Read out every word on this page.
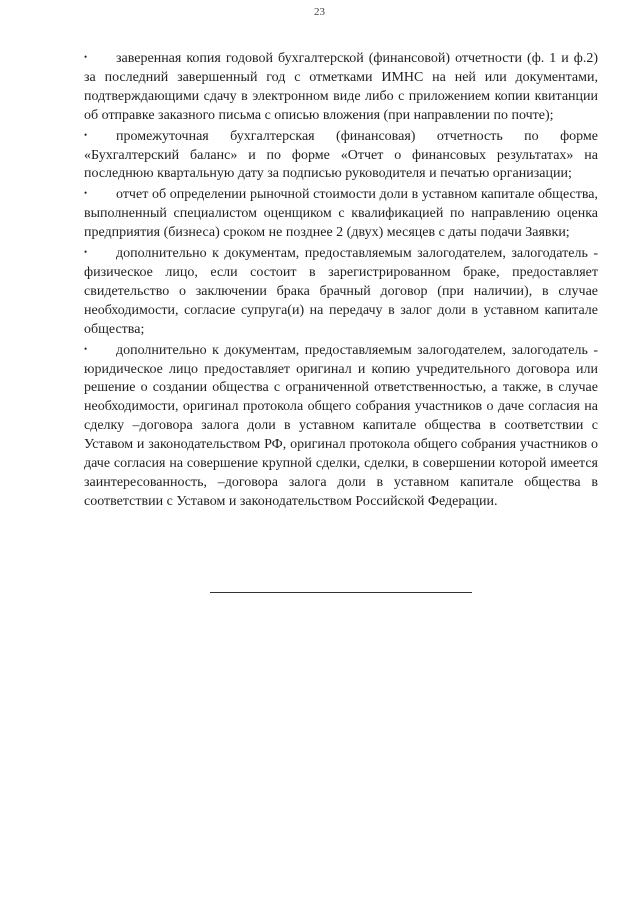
23

• заверенная копия годовой бухгалтерской (финансовой) отчетности (ф. 1 и ф.2) за последний завершенный год с отметками ИМНС на ней или документами, подтверждающими сдачу в электронном виде либо с приложением копии квитанции об отправке заказного письма с описью вложения (при направлении по почте);

• промежуточная бухгалтерская (финансовая) отчетность по форме «Бухгалтерский баланс» и по форме «Отчет о финансовых результатах» на последнюю квартальную дату за подписью руководителя и печатью организации;

• отчет об определении рыночной стоимости доли в уставном капитале общества, выполненный специалистом оценщиком с квалификацией по направлению оценка предприятия (бизнеса) сроком не позднее 2 (двух) месяцев с даты подачи Заявки;

• дополнительно к документам, предоставляемым залогодателем, залогодатель - физическое лицо, если состоит в зарегистрированном браке, предоставляет свидетельство о заключении брака брачный договор (при наличии), в случае необходимости, согласие супруга(и) на передачу в залог доли в уставном капитале общества;

• дополнительно к документам, предоставляемым залогодателем, залогодатель - юридическое лицо предоставляет оригинал и копию учредительного договора или решение о создании общества с ограниченной ответственностью, а также, в случае необходимости, оригинал протокола общего собрания участников о даче согласия на сделку –договора залога доли в уставном капитале общества в соответствии с Уставом и законодательством РФ, оригинал протокола общего собрания участников о даче согласия на совершение крупной сделки, сделки, в совершении которой имеется заинтересованность, –договора залога доли в уставном капитале общества в соответствии с Уставом и законодательством Российской Федерации.
